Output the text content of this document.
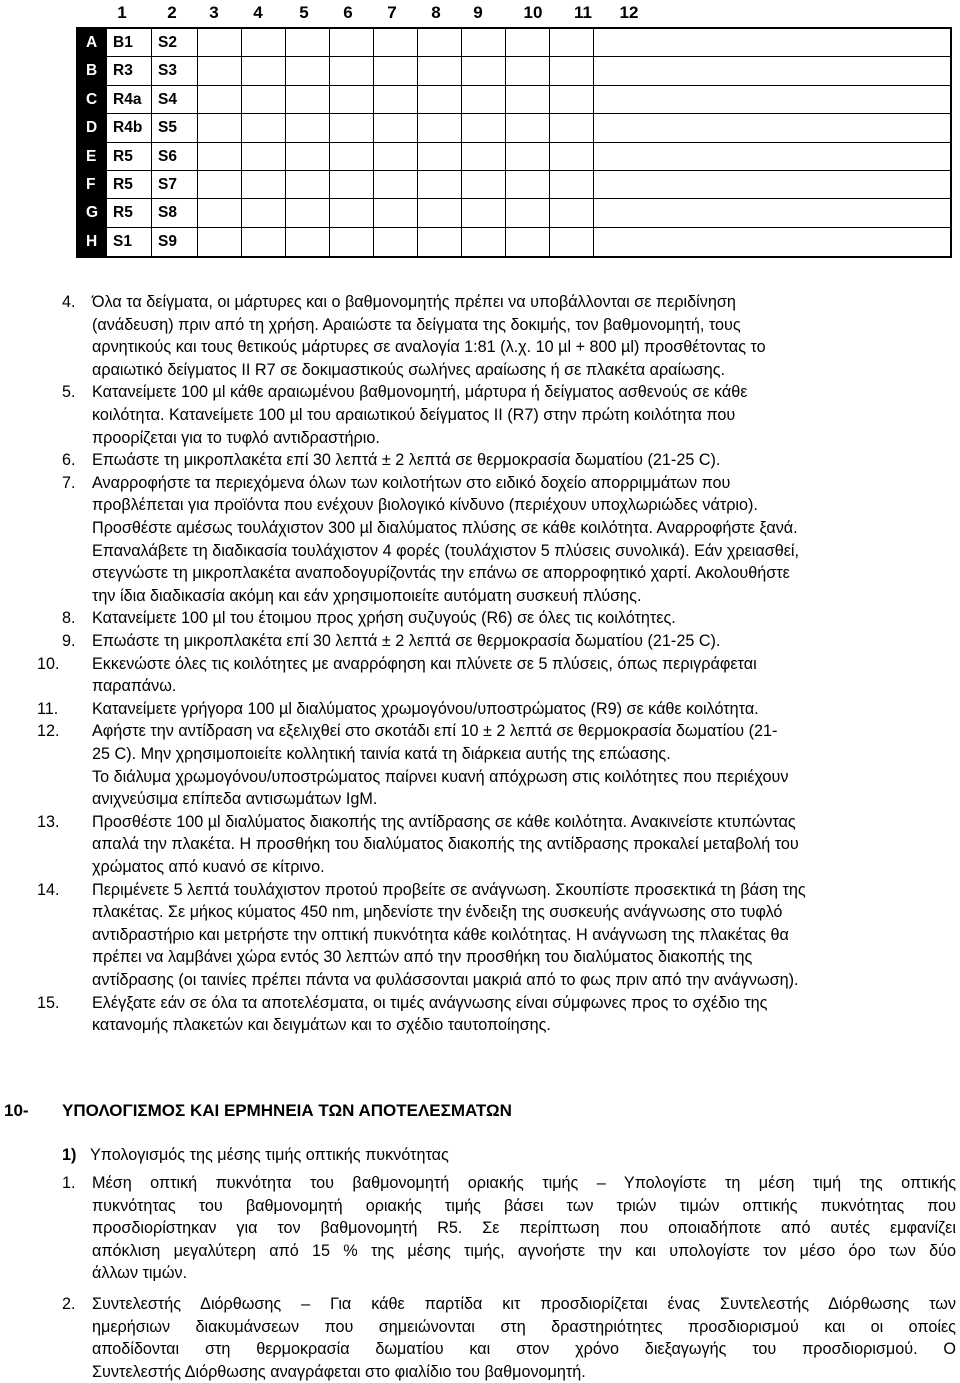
1	2	3	4	5	6	7	8	9	10	11	12
A	B1	S2
B	R3	S3
C	R4a	S4
D	R4b	S5
E	R5	S6
F	R5	S7
G R5	S8
H	S1	S9
4. Όλα τα δείγματα, οι μάρτυρες και ο βαθμονομητής πρέπει να υποβάλλονται σε περιδίνηση
(ανάδευση) πριν από τη χρήση. Αραιώστε τα δείγματα της δοκιμής, τον βαθμονομητή, τους
αρνητικούς και τους θετικούς μάρτυρες σε αναλογία 1:81 (λ.χ. 10 µl + 800 µl) προσθέτοντας το
αραιωτικό δείγματος ΙΙ R7 σε δοκιμαστικούς σωλήνες αραίωσης ή σε πλακέτα αραίωσης.
5. Κατανείμετε 100 µl κάθε αραιωμένου βαθμονομητή, μάρτυρα ή δείγματος ασθενούς σε κάθε
κοιλότητα. Κατανείμετε 100 µl του αραιωτικού δείγματος ΙΙ (R7) στην πρώτη κοιλότητα που
προορίζεται για το τυφλό αντιδραστήριο.
6. Επωάστε τη μικροπλακέτα επί 30 λεπτά ± 2 λεπτά σε θερμοκρασία δωματίου (21-25 C).
7. Αναρροφήστε τα περιεχόμενα όλων των κοιλοτήτων στο ειδικό δοχείο απορριμμάτων που
προβλέπεται για προϊόντα που ενέχουν βιολογικό κίνδυνο (περιέχουν υποχλωριώδες νάτριο).
Προσθέστε αμέσως τουλάχιστον 300 µl διαλύματος πλύσης σε κάθε κοιλότητα. Αναρροφήστε ξανά.
Επαναλάβετε τη διαδικασία τουλάχιστον 4 φορές (τουλάχιστον 5 πλύσεις συνολικά). Εάν χρειασθεί,
στεγνώστε τη μικροπλακέτα αναποδογυρίζοντάς την επάνω σε απορροφητικό χαρτί. Ακολουθήστε
την ίδια διαδικασία ακόμη και εάν χρησιμοποιείτε αυτόματη συσκευή πλύσης.
8. Κατανείμετε 100 µl του έτοιμου προς χρήση συζυγούς (R6) σε όλες τις κοιλότητες.
9. Επωάστε τη μικροπλακέτα επί 30 λεπτά ± 2 λεπτά σε θερμοκρασία δωματίου (21-25 C).
10. Εκκενώστε όλες τις κοιλότητες με αναρρόφηση και πλύνετε σε 5 πλύσεις, όπως περιγράφεται
παραπάνω.
11. Κατανείμετε γρήγορα 100 µl διαλύματος χρωμογόνου/υποστρώματος (R9) σε κάθε κοιλότητα.
12. Αφήστε την αντίδραση να εξελιχθεί στο σκοτάδι επί 10 ± 2 λεπτά σε θερμοκρασία δωματίου (21-
25 C). Μην χρησιμοποιείτε κολλητική ταινία κατά τη διάρκεια αυτής της επώασης.
Το διάλυμα χρωμογόνου/υποστρώματος παίρνει κυανή απόχρωση στις κοιλότητες που περιέχουν
ανιχνεύσιμα επίπεδα αντισωμάτων IgM.
13. Προσθέστε 100 µl διαλύματος διακοπής της αντίδρασης σε κάθε κοιλότητα. Ανακινείστε κτυπώντας
απαλά την πλακέτα. Η προσθήκη του διαλύματος διακοπής της αντίδρασης προκαλεί μεταβολή του
χρώματος από κυανό σε κίτρινο.
14. Περιμένετε 5 λεπτά τουλάχιστον προτού προβείτε σε ανάγνωση. Σκουπίστε προσεκτικά τη βάση της
πλακέτας. Σε μήκος κύματος 450 nm, μηδενίστε την ένδειξη της συσκευής ανάγνωσης στο τυφλό
αντιδραστήριο και μετρήστε την οπτική πυκνότητα κάθε κοιλότητας. Η ανάγνωση της πλακέτας θα
πρέπει να λαμβάνει χώρα εντός 30 λεπτών από την προσθήκη του διαλύματος διακοπής της
αντίδρασης (οι ταινίες πρέπει πάντα να φυλάσσονται μακριά από το φως πριν από την ανάγνωση).
15. Ελέγξατε εάν σε όλα τα αποτελέσματα, οι τιμές ανάγνωσης είναι σύμφωνες προς το σχέδιο της
κατανομής πλακετών και δειγμάτων και το σχέδιο ταυτοποίησης.
10- ΥΠΟΛΟΓΙΣΜΟΣ ΚΑΙ ΕΡΜΗΝΕΙΑ ΤΩΝ ΑΠΟΤΕΛΕΣΜΑΤΩΝ
1) Υπολογισμός της μέσης τιμής οπτικής πυκνότητας
1. Μέση οπτική πυκνότητα του βαθμονομητή οριακής τιμής – Υπολογίστε τη μέση τιμή της οπτικής
πυκνότητας του βαθμονομητή οριακής τιμής βάσει των τριών τιμών οπτικής πυκνότητας που
προσδιορίστηκαν για τον βαθμονομητή R5. Σε περίπτωση που οποιαδήποτε από αυτές εμφανίζει
απόκλιση μεγαλύτερη από 15 % της μέσης τιμής, αγνοήστε την και υπολογίστε τον μέσο όρο των δύο
άλλων τιμών.
2. Συντελεστής Διόρθωσης – Για κάθε παρτίδα κιτ προσδιορίζεται ένας Συντελεστής Διόρθωσης των
ημερήσιων διακυμάνσεων που σημειώνονται στη δραστηριότητες προσδιορισμού και οι οποίες
αποδίδονται στη θερμοκρασία δωματίου και στον χρόνο διεξαγωγής του προσδιορισμού. Ο
Συντελεστής Διόρθωσης αναγράφεται στο φιαλίδιο του βαθμονομητή.
